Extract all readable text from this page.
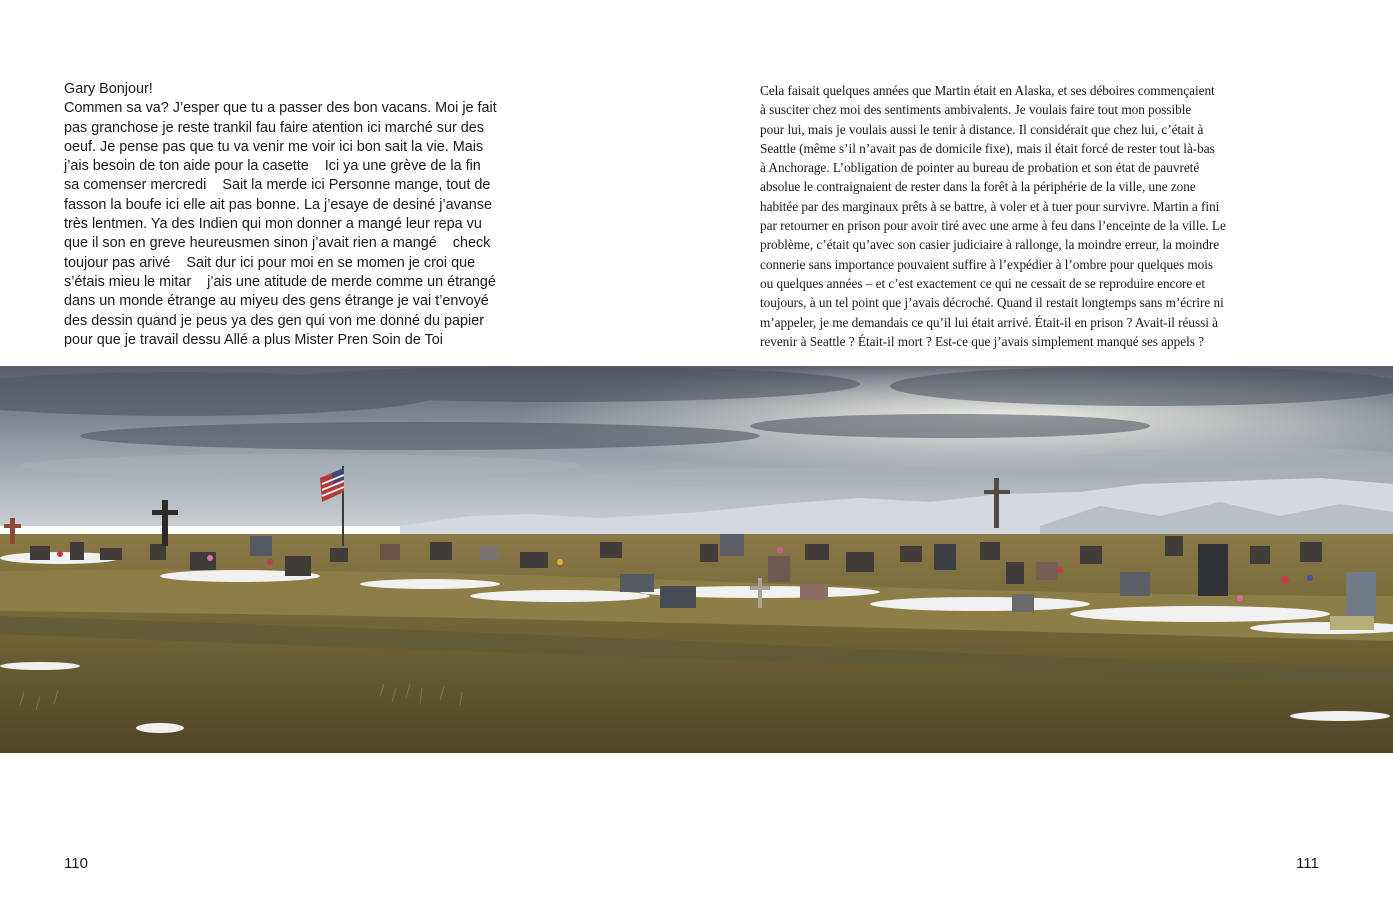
Gary Bonjour!
Commen sa va? J’esper que tu a passer des bon vacans. Moi je fait
pas granchose je reste trankil fau faire atention ici marché sur des
oeuf. Je pense pas que tu va venir me voir ici bon sait la vie. Mais
j’ais besoin de ton aide pour la casette    Ici ya une grève de la fin
sa comenser mercredi    Sait la merde ici Personne mange, tout de
fasson la boufe ici elle ait pas bonne. La j’esaye de desiné j’avanse
très lentmen. Ya des Indien qui mon donner a mangé leur repa vu
que il son en greve heureusmen sinon j’avait rien a mangé    check
toujour pas arivé    Sait dur ici pour moi en se momen je croi que
s’étais mieu le mitar    j’ais une atitude de merde comme un étrangé
dans un monde étrange au miyeu des gens étrange je vai t’envoyé
des dessin quand je peus ya des gen qui von me donné du papier
pour que je travail dessu Allé a plus Mister Pren Soin de Toi
Cela faisait quelques années que Martin était en Alaska, et ses déboires commençaient
à susciter chez moi des sentiments ambivalents. Je voulais faire tout mon possible
pour lui, mais je voulais aussi le tenir à distance. Il considérait que chez lui, c’était à
Seattle (même s’il n’avait pas de domicile fixe), mais il était forcé de rester tout là-bas
à Anchorage. L’obligation de pointer au bureau de probation et son état de pauvreté
absolue le contraignaient de rester dans la forêt à la périphérie de la ville, une zone
habitée par des marginaux prêts à se battre, à voler et à tuer pour survivre. Martin a fini
par retourner en prison pour avoir tiré avec une arme à feu dans l’enceinte de la ville. Le
problème, c’était qu’avec son casier judiciaire à rallonge, la moindre erreur, la moindre
connerie sans importance pouvaient suffire à l’expédier à l’ombre pour quelques mois
ou quelques années – et c’est exactement ce qui ne cessait de se reproduire encore et
toujours, à un tel point que j’avais décroché. Quand il restait longtemps sans m’écrire ni
m’appeler, je me demandais ce qu’il lui était arrivé. Était-il en prison ? Avait-il réussi à
revenir à Seattle ? Était-il mort ? Est-ce que j’avais simplement manqué ses appels ?
110	111
